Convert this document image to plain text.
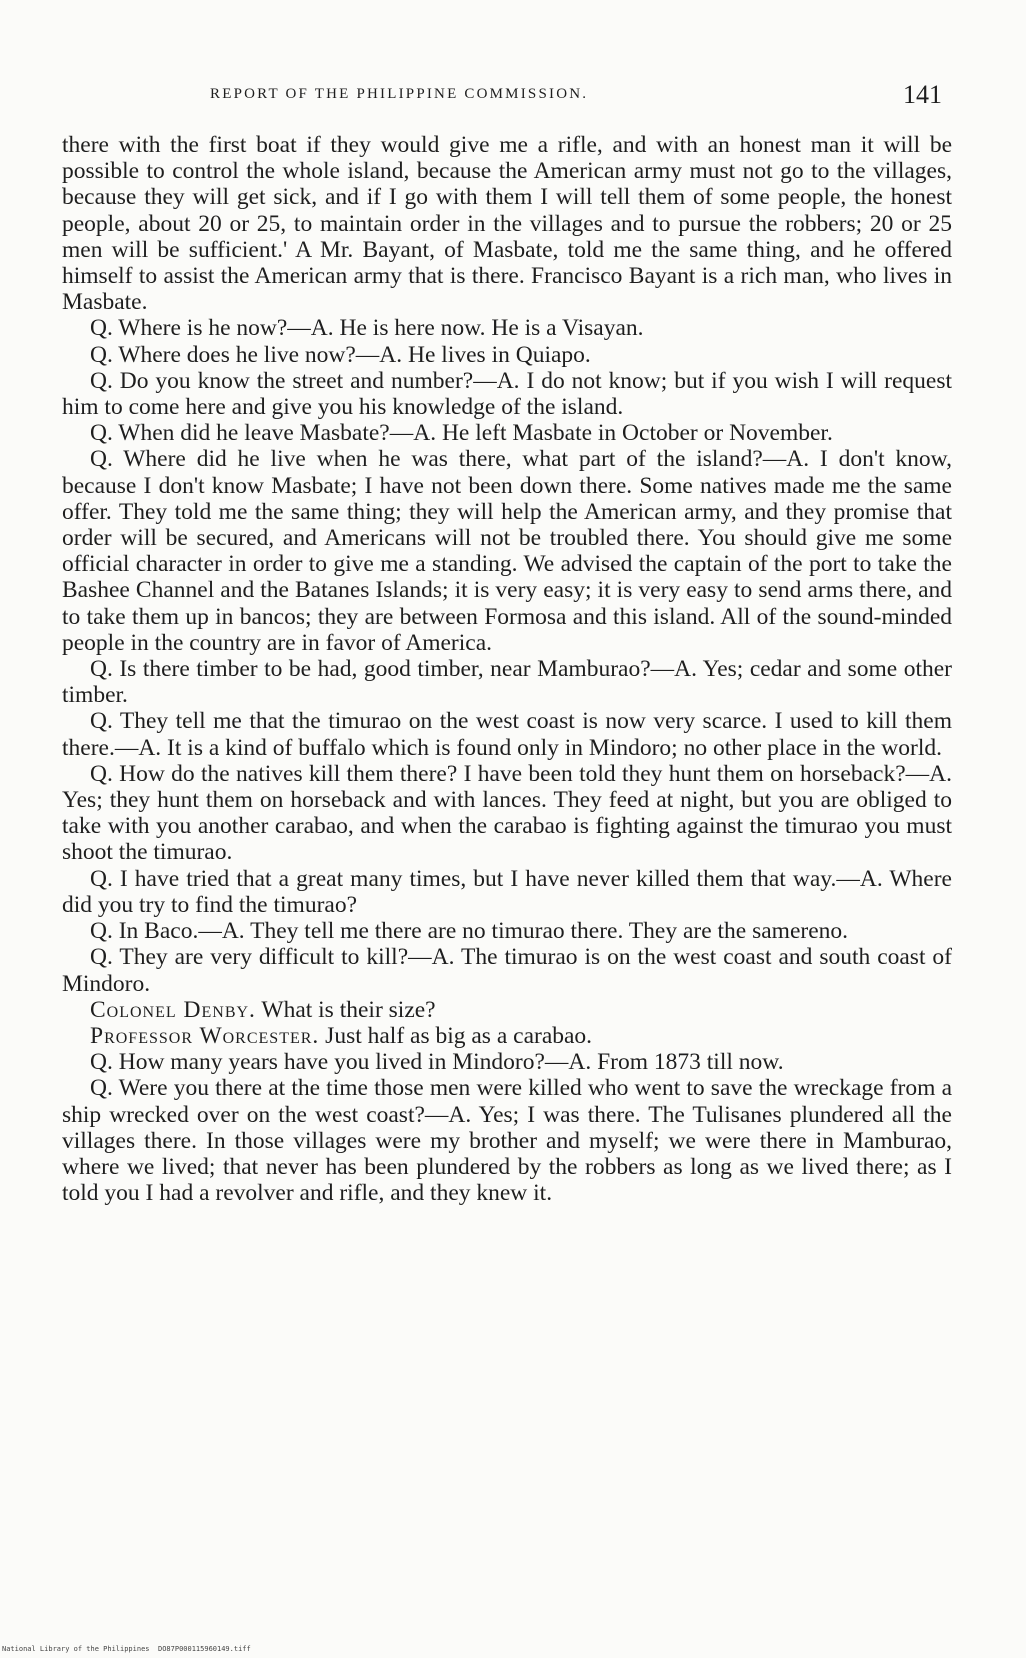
REPORT OF THE PHILIPPINE COMMISSION.	141

there with the first boat if they would give me a rifle, and with an honest man it will be possible to control the whole island, because the American army must not go to the villages, because they will get sick, and if I go with them I will tell them of some people, the honest people, about 20 or 25, to maintain order in the villages and to pursue the robbers; 20 or 25 men will be sufficient.' A Mr. Bayant, of Masbate, told me the same thing, and he offered himself to assist the American army that is there. Francisco Bayant is a rich man, who lives in Masbate.

Q. Where is he now?—A. He is here now. He is a Visayan.

Q. Where does he live now?—A. He lives in Quiapo.

Q. Do you know the street and number?—A. I do not know; but if you wish I will request him to come here and give you his knowledge of the island.

Q. When did he leave Masbate?—A. He left Masbate in October or November.

Q. Where did he live when he was there, what part of the island?—A. I don't know, because I don't know Masbate; I have not been down there. Some natives made me the same offer. They told me the same thing; they will help the American army, and they promise that order will be secured, and Americans will not be troubled there. You should give me some official character in order to give me a standing. We advised the captain of the port to take the Bashee Channel and the Batanes Islands; it is very easy; it is very easy to send arms there, and to take them up in bancos; they are between Formosa and this island. All of the sound-minded people in the country are in favor of America.

Q. Is there timber to be had, good timber, near Mamburao?—A. Yes; cedar and some other timber.

Q. They tell me that the timurao on the west coast is now very scarce. I used to kill them there.—A. It is a kind of buffalo which is found only in Mindoro; no other place in the world.

Q. How do the natives kill them there? I have been told they hunt them on horseback?—A. Yes; they hunt them on horseback and with lances. They feed at night, but you are obliged to take with you another carabao, and when the carabao is fighting against the timurao you must shoot the timurao.

Q. I have tried that a great many times, but I have never killed them that way.—A. Where did you try to find the timurao?

Q. In Baco.—A. They tell me there are no timurao there. They are the samereno.

Q. They are very difficult to kill?—A. The timurao is on the west coast and south coast of Mindoro.

Colonel Denby. What is their size?

Professor Worcester. Just half as big as a carabao.

Q. How many years have you lived in Mindoro?—A. From 1873 till now.

Q. Were you there at the time those men were killed who went to save the wreckage from a ship wrecked over on the west coast?—A. Yes; I was there. The Tulisanes plundered all the villages there. In those villages were my brother and myself; we were there in Mamburao, where we lived; that never has been plundered by the robbers as long as we lived there; as I told you I had a revolver and rifle, and they knew it.

National Library of the Philippines DO87P000115960149.tiff
